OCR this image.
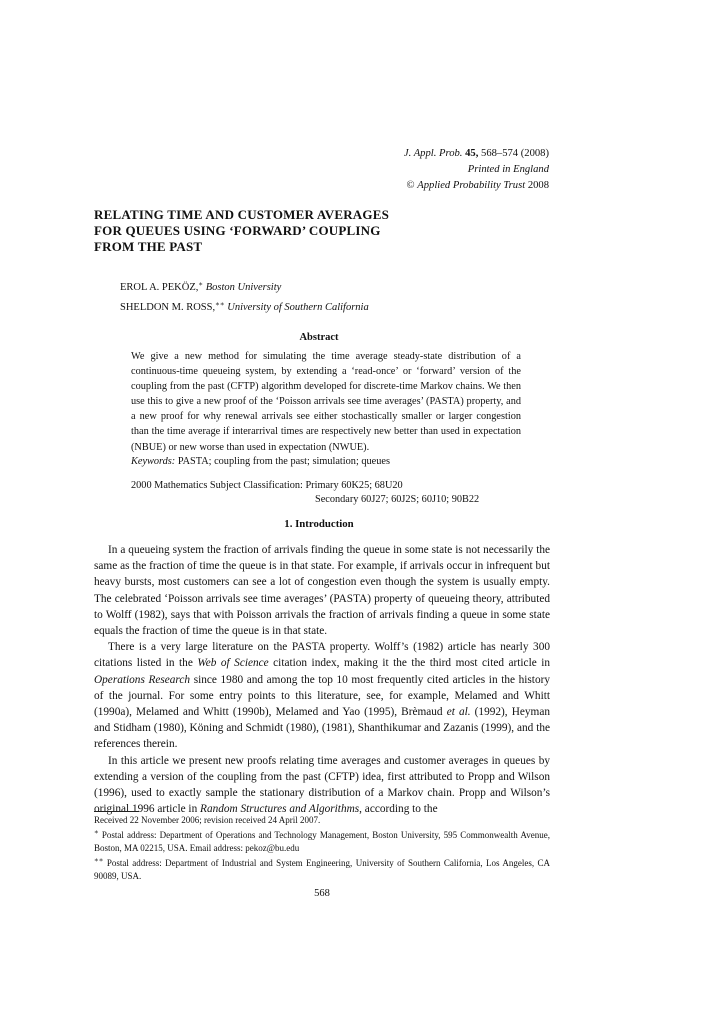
J. Appl. Prob. 45, 568–574 (2008)
Printed in England
© Applied Probability Trust 2008
RELATING TIME AND CUSTOMER AVERAGES
FOR QUEUES USING ‘FORWARD’ COUPLING
FROM THE PAST
EROL A. PEKÖZ,∗ Boston University
SHELDON M. ROSS,∗∗ University of Southern California
Abstract
We give a new method for simulating the time average steady-state distribution of a continuous-time queueing system, by extending a ‘read-once’ or ‘forward’ version of the coupling from the past (CFTP) algorithm developed for discrete-time Markov chains. We then use this to give a new proof of the ‘Poisson arrivals see time averages’ (PASTA) property, and a new proof for why renewal arrivals see either stochastically smaller or larger congestion than the time average if interarrival times are respectively new better than used in expectation (NBUE) or new worse than used in expectation (NWUE).
Keywords: PASTA; coupling from the past; simulation; queues
2000 Mathematics Subject Classification: Primary 60K25; 68U20
Secondary 60J27; 60J2S; 60J10; 90B22
1. Introduction

In a queueing system the fraction of arrivals finding the queue in some state is not necessarily the same as the fraction of time the queue is in that state. For example, if arrivals occur in infrequent but heavy bursts, most customers can see a lot of congestion even though the system is usually empty. The celebrated ‘Poisson arrivals see time averages’ (PASTA) property of queueing theory, attributed to Wolff (1982), says that with Poisson arrivals the fraction of arrivals finding a queue in some state equals the fraction of time the queue is in that state.

There is a very large literature on the PASTA property. Wolff’s (1982) article has nearly 300 citations listed in the Web of Science citation index, making it the the third most cited article in Operations Research since 1980 and among the top 10 most frequently cited articles in the history of the journal. For some entry points to this literature, see, for example, Melamed and Whitt (1990a), Melamed and Whitt (1990b), Melamed and Yao (1995), Brèmaud et al. (1992), Heyman and Stidham (1980), Köning and Schmidt (1980), (1981), Shanthikumar and Zazanis (1999), and the references therein.

In this article we present new proofs relating time averages and customer averages in queues by extending a version of the coupling from the past (CFTP) idea, first attributed to Propp and Wilson (1996), used to exactly sample the stationary distribution of a Markov chain. Propp and Wilson’s original 1996 article in Random Structures and Algorithms, according to the

Received 22 November 2006; revision received 24 April 2007.

∗ Postal address: Department of Operations and Technology Management, Boston University, 595 Commonwealth Avenue, Boston, MA 02215, USA. Email address: pekoz@bu.edu

∗∗ Postal address: Department of Industrial and System Engineering, University of Southern California, Los Angeles, CA 90089, USA.

568
